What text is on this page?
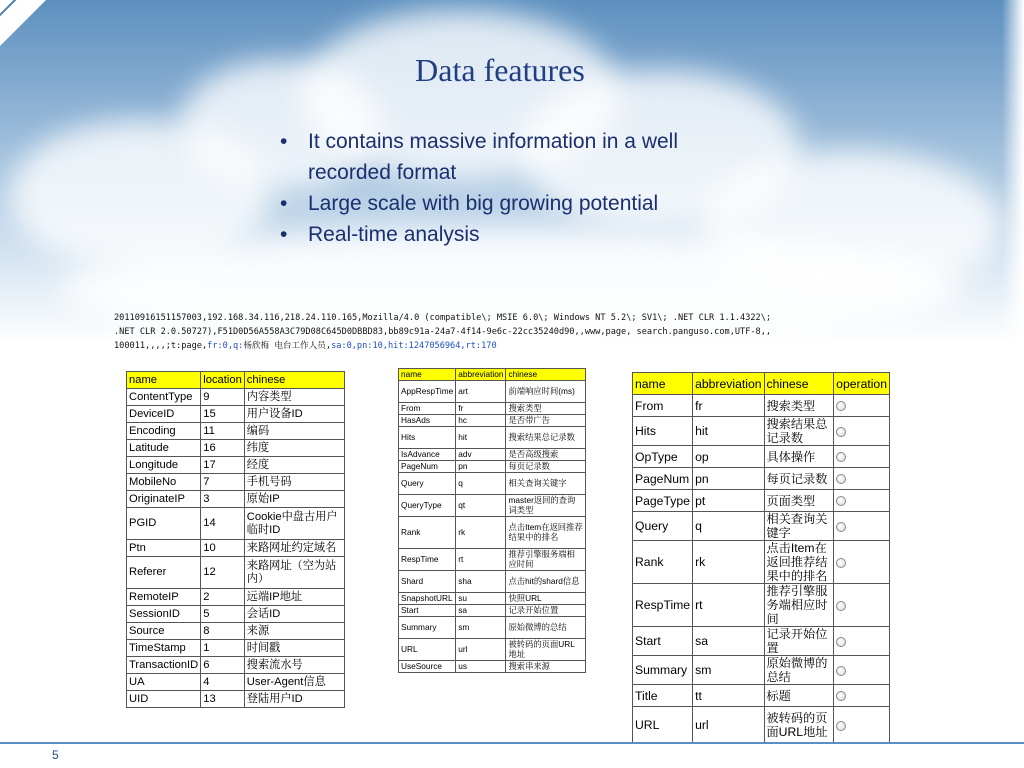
Data features
• It contains massive information in a well recorded format
• Large scale with big growing potential
• Real-time analysis
20110916151157003,192.168.34.116,218.24.110.165,Mozilla/4.0 (compatible\; MSIE 6.0\; Windows NT 5.2\; SV1\; .NET CLR 1.1.4322\;
.NET CLR 2.0.50727),F51D0D56A558A3C79D08C645D0DBBD83,bb89c91a-24a7-4f14-9e6c-22cc35240d90,,www,page, search.panguso.com,UTF-8,,
100011,,,,;t:page,fr:0,q:杨欣梅 电台工作人员,sa:0,pn:10,hit:1247056964,rt:170
name	location	chinese
ContentType	9	内容类型
DeviceID	15	用户设备ID
Encoding	11	编码
Latitude	16	纬度
Longitude	17	经度
MobileNo	7	手机号码
OriginateIP	3	原始IP
PGID	14	Cookie中盘古用户临时ID
Ptn	10	来路网址约定域名
Referer	12	来路网址（空为站内）
RemoteIP	2	远端IP地址
SessionID	5	会话ID
Source	8	来源
TimeStamp	1	时间戳
TransactionID	6	搜索流水号
UA	4	User-Agent信息
UID	13	登陆用户ID
name	abbreviation	chinese
AppRespTime	art	前端响应时间(ms)
From	fr	搜索类型
HasAds	hc	是否带广告
Hits	hit	搜索结果总记录数
IsAdvance	adv	是否高级搜索
PageNum	pn	每页记录数
Query	q	相关查询关键字
QueryType	qt	master返回的查询词类型
Rank	rk	点击Item在返回推荐结果中的排名
RespTime	rt	推荐引擎服务端相应时间
Shard	sha	点击hit的shard信息
SnapshotURL	su	快照URL
Start	sa	记录开始位置
Summary	sm	原始微博的总结
URL	url	被转码的页面URL地址
UseSource	us	搜索串来源
name	abbreviation	chinese	operation
From	fr	搜索类型	
Hits	hit	搜索结果总记录数	
OpType	op	具体操作	
PageNum	pn	每页记录数	
PageType	pt	页面类型	
Query	q	相关查询关键字	
Rank	rk	点击Item在返回推荐结果中的排名	
RespTime	rt	推荐引擎服务端相应时间	
Start	sa	记录开始位置	
Summary	sm	原始微博的总结	
Title	tt	标题	
URL	url	被转码的页面URL地址	
5
